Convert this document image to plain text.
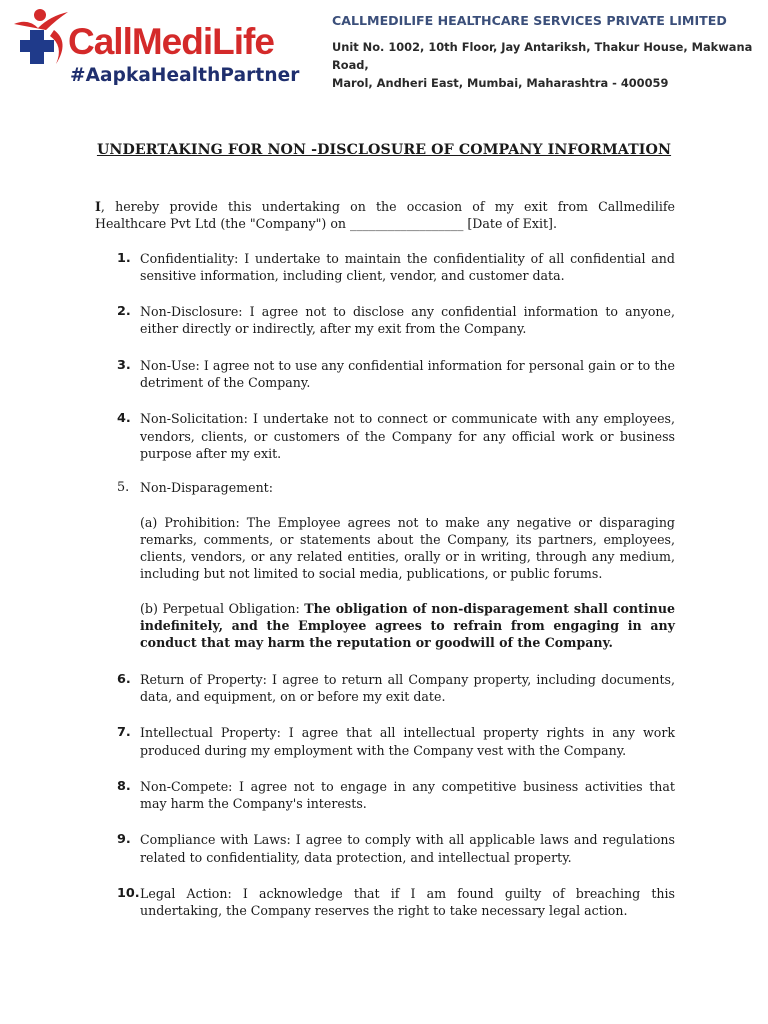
CallMediLife
#AapkaHealthPartner
CALLMEDILIFE HEALTHCARE SERVICES PRIVATE LIMITED
Unit No. 1002, 10th Floor, Jay Antariksh, Thakur House, Makwana Road,
Marol, Andheri East, Mumbai, Maharashtra - 400059
UNDERTAKING FOR NON -DISCLOSURE OF COMPANY INFORMATION

I, hereby provide this undertaking on the occasion of my exit from Callmedilife Healthcare Pvt Ltd (the "Company") on __________________ [Date of Exit].

1. Confidentiality: I undertake to maintain the confidentiality of all confidential and sensitive information, including client, vendor, and customer data.
2. Non-Disclosure: I agree not to disclose any confidential information to anyone, either directly or indirectly, after my exit from the Company.
3. Non-Use: I agree not to use any confidential information for personal gain or to the detriment of the Company.
4. Non-Solicitation: I undertake not to connect or communicate with any employees, vendors, clients, or customers of the Company for any official work or business purpose after my exit.
5. Non-Disparagement:

(a) Prohibition: The Employee agrees not to make any negative or disparaging remarks, comments, or statements about the Company, its partners, employees, clients, vendors, or any related entities, orally or in writing, through any medium, including but not limited to social media, publications, or public forums.

(b) Perpetual Obligation: The obligation of non-disparagement shall continue indefinitely, and the Employee agrees to refrain from engaging in any conduct that may harm the reputation or goodwill of the Company.

6. Return of Property: I agree to return all Company property, including documents, data, and equipment, on or before my exit date.
7. Intellectual Property: I agree that all intellectual property rights in any work produced during my employment with the Company vest with the Company.
8. Non-Compete: I agree not to engage in any competitive business activities that may harm the Company's interests.
9. Compliance with Laws: I agree to comply with all applicable laws and regulations related to confidentiality, data protection, and intellectual property.
10. Legal Action: I acknowledge that if I am found guilty of breaching this undertaking, the Company reserves the right to take necessary legal action.
